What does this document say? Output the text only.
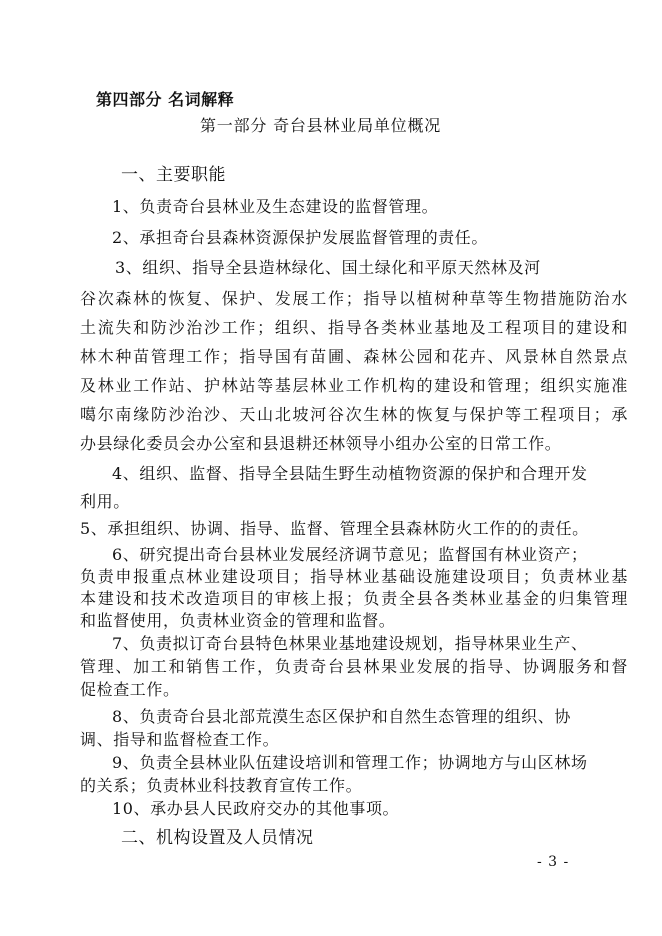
第四部分 名词解释
第一部分 奇台县林业局单位概况
一、主要职能
1、负责奇台县林业及生态建设的监督管理。
2、承担奇台县森林资源保护发展监督管理的责任。
3、组织、指导全县造林绿化、国土绿化和平原天然林及河
谷次森林的恢复、保护、发展工作；指导以植树种草等生物措施防治水
土流失和防沙治沙工作；组织、指导各类林业基地及工程项目的建设和
林木种苗管理工作；指导国有苗圃、森林公园和花卉、风景林自然景点
及林业工作站、护林站等基层林业工作机构的建设和管理；组织实施准
噶尔南缘防沙治沙、天山北坡河谷次生林的恢复与保护等工程项目；承
办县绿化委员会办公室和县退耕还林领导小组办公室的日常工作。
4、组织、监督、指导全县陆生野生动植物资源的保护和合理开发
利用。
5、承担组织、协调、指导、监督、管理全县森林防火工作的的责任。
6、研究提出奇台县林业发展经济调节意见；监督国有林业资产；
负责申报重点林业建设项目；指导林业基础设施建设项目；负责林业基
本建设和技术改造项目的审核上报；负责全县各类林业基金的归集管理
和监督使用，负责林业资金的管理和监督。
7、负责拟订奇台县特色林果业基地建设规划，指导林果业生产、
管理、加工和销售工作，负责奇台县林果业发展的指导、协调服务和督
促检查工作。
8、负责奇台县北部荒漠生态区保护和自然生态管理的组织、协
调、指导和监督检查工作。
9、负责全县林业队伍建设培训和管理工作；协调地方与山区林场
的关系；负责林业科技教育宣传工作。
10、承办县人民政府交办的其他事项。
二、机构设置及人员情况
- 3 -
